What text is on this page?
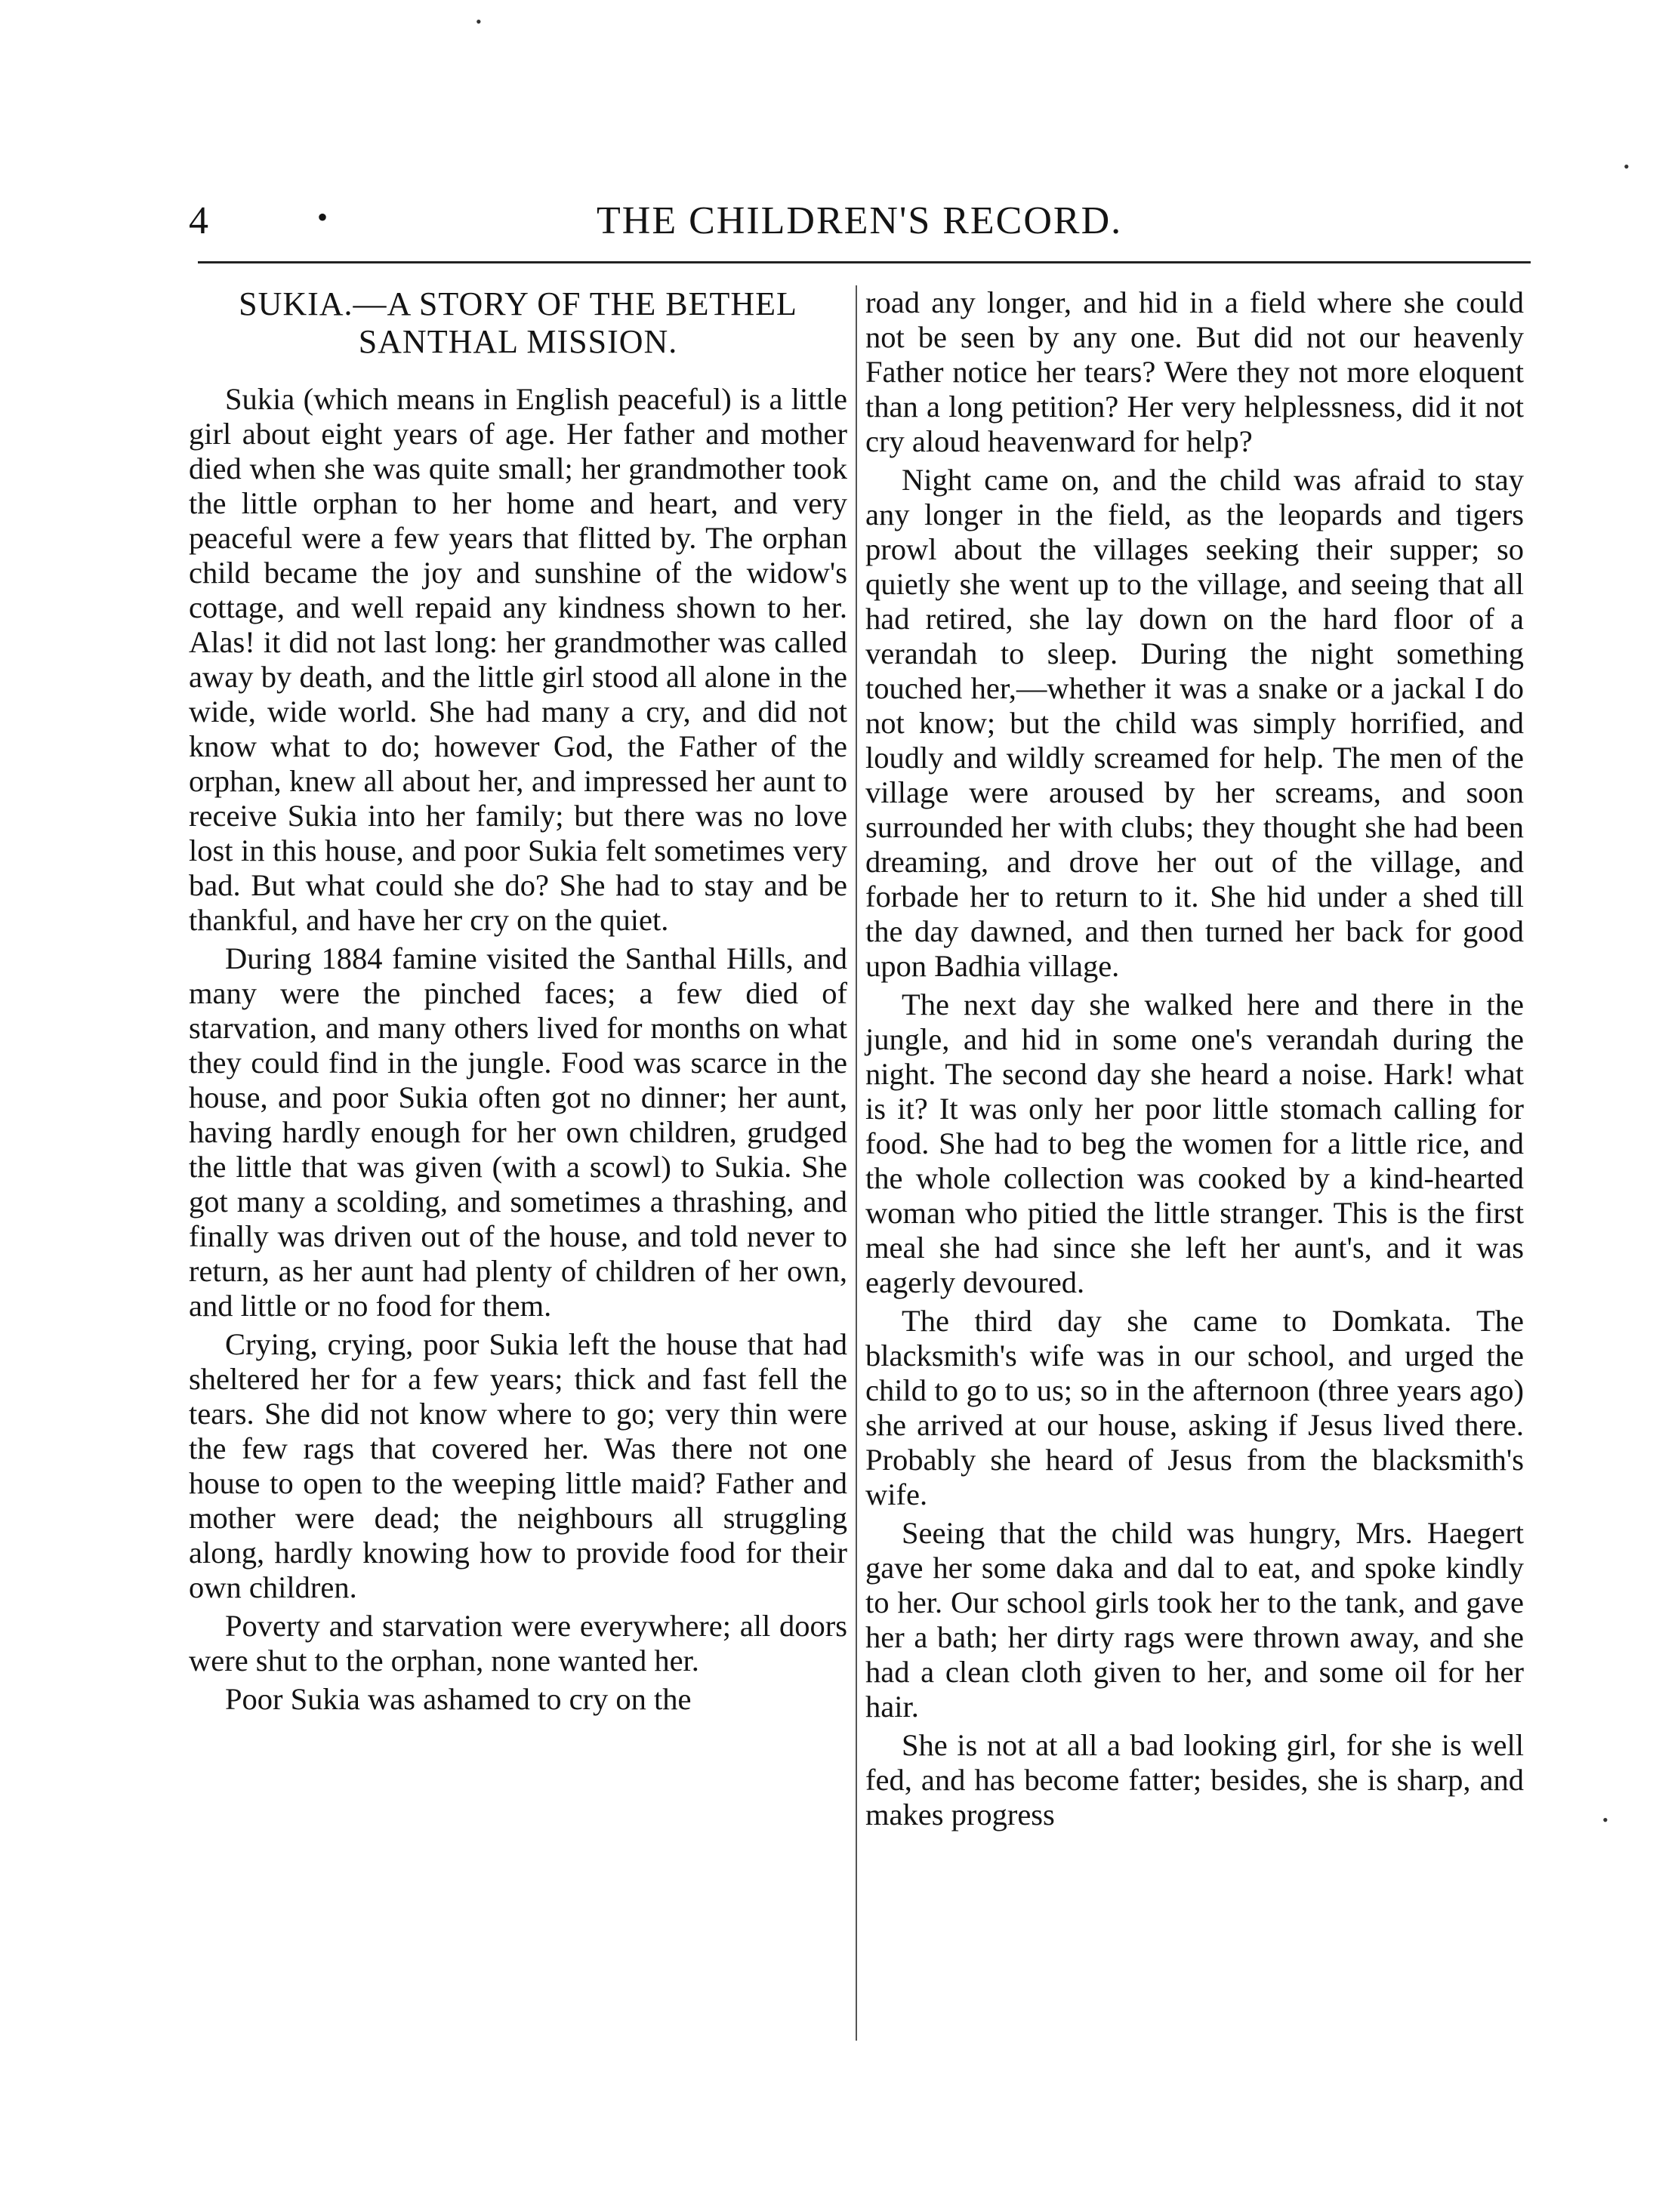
4	•	THE CHILDREN'S RECORD.
SUKIA.—A STORY OF THE BETHEL SANTHAL MISSION.

Sukia (which means in English peaceful) is a little girl about eight years of age. Her father and mother died when she was quite small; her grandmother took the little orphan to her home and heart, and very peaceful were a few years that flitted by. The orphan child became the joy and sunshine of the widow's cottage, and well repaid any kindness shown to her. Alas! it did not last long: her grandmother was called away by death, and the little girl stood all alone in the wide, wide world. She had many a cry, and did not know what to do; however God, the Father of the orphan, knew all about her, and impressed her aunt to receive Sukia into her family; but there was no love lost in this house, and poor Sukia felt sometimes very bad. But what could she do? She had to stay and be thankful, and have her cry on the quiet.

During 1884 famine visited the Santhal Hills, and many were the pinched faces; a few died of starvation, and many others lived for months on what they could find in the jungle. Food was scarce in the house, and poor Sukia often got no dinner; her aunt, having hardly enough for her own children, grudged the little that was given (with a scowl) to Sukia. She got many a scolding, and sometimes a thrashing, and finally was driven out of the house, and told never to return, as her aunt had plenty of children of her own, and little or no food for them.

Crying, crying, poor Sukia left the house that had sheltered her for a few years; thick and fast fell the tears. She did not know where to go; very thin were the few rags that covered her. Was there not one house to open to the weeping little maid? Father and mother were dead; the neighbours all struggling along, hardly knowing how to provide food for their own children.

Poverty and starvation were everywhere; all doors were shut to the orphan, none wanted her.

Poor Sukia was ashamed to cry on the

road any longer, and hid in a field where she could not be seen by any one. But did not our heavenly Father notice her tears? Were they not more eloquent than a long petition? Her very helplessness, did it not cry aloud heavenward for help?

Night came on, and the child was afraid to stay any longer in the field, as the leopards and tigers prowl about the villages seeking their supper; so quietly she went up to the village, and seeing that all had retired, she lay down on the hard floor of a verandah to sleep. During the night something touched her,—whether it was a snake or a jackal I do not know; but the child was simply horrified, and loudly and wildly screamed for help. The men of the village were aroused by her screams, and soon surrounded her with clubs; they thought she had been dreaming, and drove her out of the village, and forbade her to return to it. She hid under a shed till the day dawned, and then turned her back for good upon Badhia village.

The next day she walked here and there in the jungle, and hid in some one's verandah during the night. The second day she heard a noise. Hark! what is it? It was only her poor little stomach calling for food. She had to beg the women for a little rice, and the whole collection was cooked by a kind-hearted woman who pitied the little stranger. This is the first meal she had since she left her aunt's, and it was eagerly devoured.

The third day she came to Domkata. The blacksmith's wife was in our school, and urged the child to go to us; so in the afternoon (three years ago) she arrived at our house, asking if Jesus lived there. Probably she heard of Jesus from the blacksmith's wife.

Seeing that the child was hungry, Mrs. Haegert gave her some daka and dal to eat, and spoke kindly to her. Our school girls took her to the tank, and gave her a bath; her dirty rags were thrown away, and she had a clean cloth given to her, and some oil for her hair.

She is not at all a bad looking girl, for she is well fed, and has become fatter; besides, she is sharp, and makes progress

•
•
•
